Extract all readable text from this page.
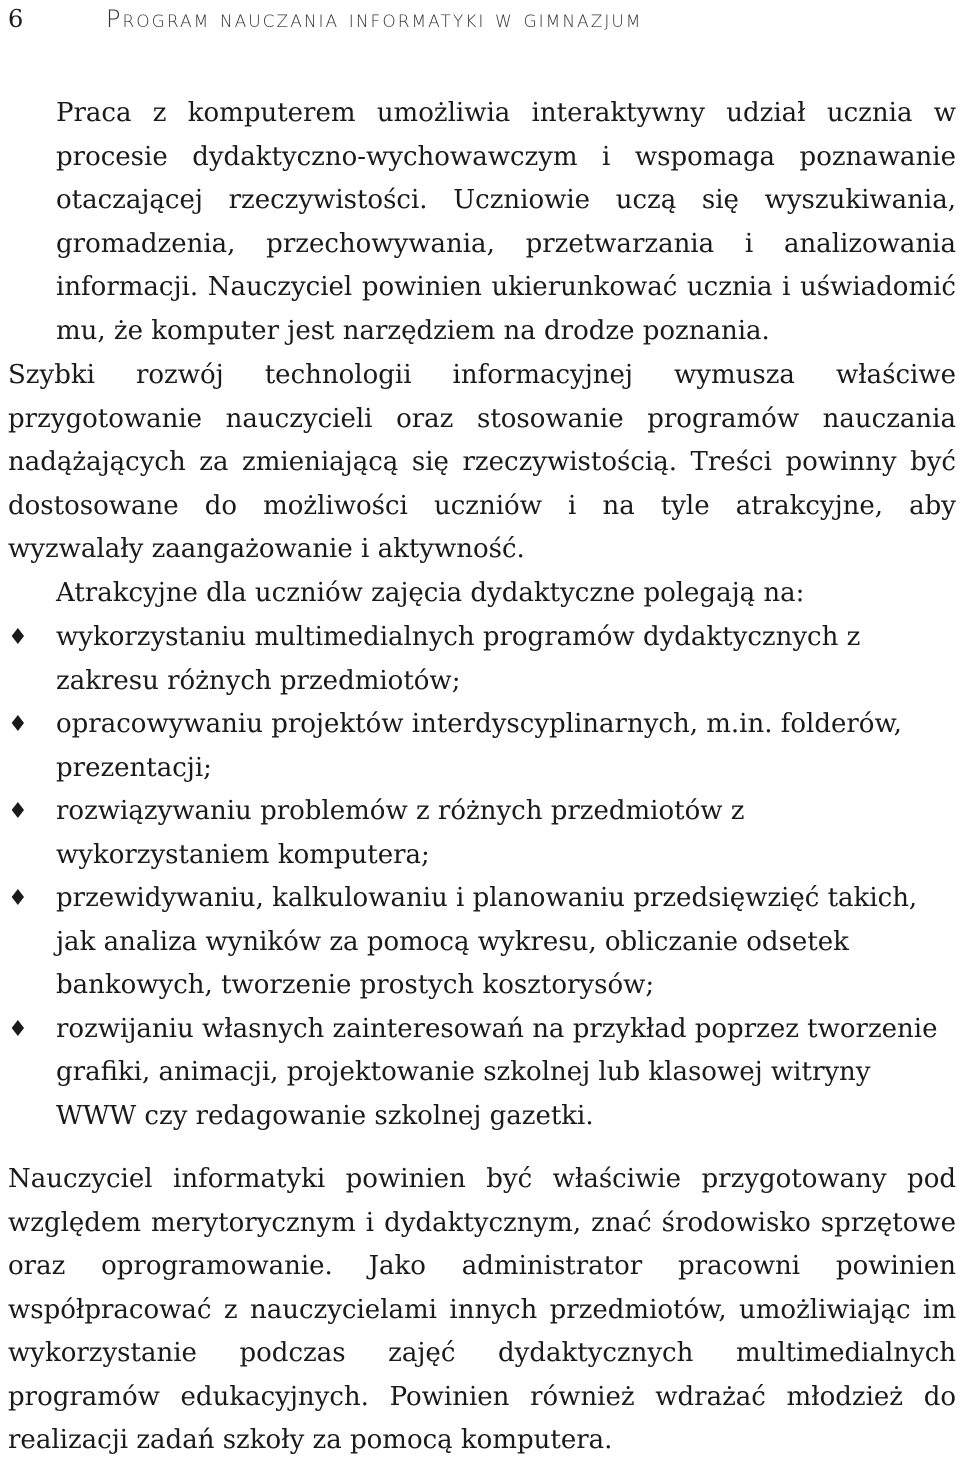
6	Program nauczania informatyki w gimnazjum
Praca z komputerem umożliwia interaktywny udział ucznia w procesie dydaktyczno-wychowawczym i wspomaga poznawanie otaczającej rzeczywistości. Uczniowie uczą się wyszukiwania, gromadzenia, przechowywania, przetwarzania i analizowania informacji. Nauczyciel powinien ukierunkować ucznia i uświadomić mu, że komputer jest narzędziem na drodze poznania.
Szybki rozwój technologii informacyjnej wymusza właściwe przygotowanie nauczycieli oraz stosowanie programów nauczania nadążających za zmieniającą się rzeczywistością. Treści powinny być dostosowane do możliwości uczniów i na tyle atrakcyjne, aby wyzwalały zaangażowanie i aktywność.
Atrakcyjne dla uczniów zajęcia dydaktyczne polegają na:
♦ wykorzystaniu multimedialnych programów dydaktycznych z zakresu różnych przedmiotów;
♦ opracowywaniu projektów interdyscyplinarnych, m.in. folderów, prezentacji;
♦ rozwiązywaniu problemów z różnych przedmiotów z wykorzystaniem komputera;
♦ przewidywaniu, kalkulowaniu i planowaniu przedsięwzięć takich, jak analiza wyników za pomocą wykresu, obliczanie odsetek bankowych, tworzenie prostych kosztorysów;
♦ rozwijaniu własnych zainteresowań na przykład poprzez tworzenie grafiki, animacji, projektowanie szkolnej lub klasowej witryny WWW czy redagowanie szkolnej gazetki.
Nauczyciel informatyki powinien być właściwie przygotowany pod względem merytorycznym i dydaktycznym, znać środowisko sprzętowe oraz oprogramowanie. Jako administrator pracowni powinien współpracować z nauczycielami innych przedmiotów, umożliwiając im wykorzystanie podczas zajęć dydaktycznych multimedialnych programów edukacyjnych. Powinien również wdrażać młodzież do realizacji zadań szkoły za pomocą komputera.
